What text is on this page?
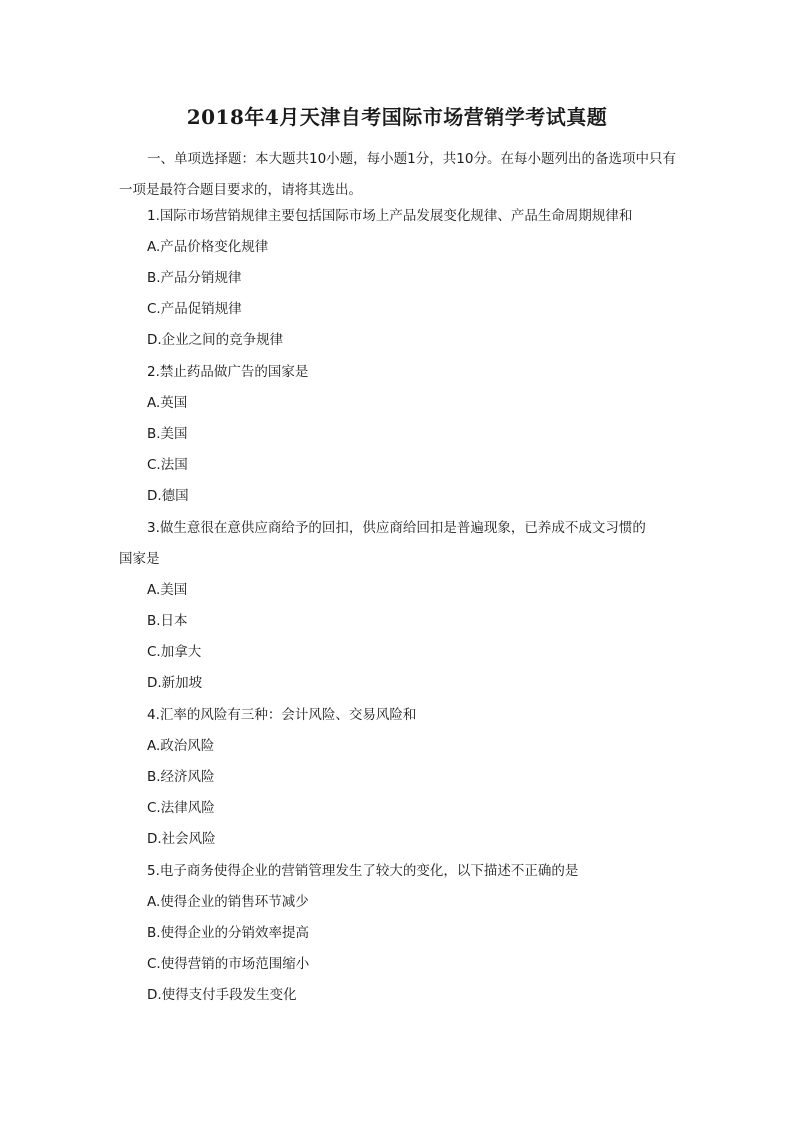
2018年4月天津自考国际市场营销学考试真题
一、单项选择题：本大题共10小题，每小题1分，共10分。在每小题列出的备选项中只有一项是最符合题目要求的，请将其选出。
1.国际市场营销规律主要包括国际市场上产品发展变化规律、产品生命周期规律和
A.产品价格变化规律
B.产品分销规律
C.产品促销规律
D.企业之间的竞争规律
2.禁止药品做广告的国家是
A.英国
B.美国
C.法国
D.德国
3.做生意很在意供应商给予的回扣，供应商给回扣是普遍现象，已养成不成文习惯的
国家是
A.美国
B.日本
C.加拿大
D.新加坡
4.汇率的风险有三种：会计风险、交易风险和
A.政治风险
B.经济风险
C.法律风险
D.社会风险
5.电子商务使得企业的营销管理发生了较大的变化，以下描述不正确的是
A.使得企业的销售环节减少
B.使得企业的分销效率提高
C.使得营销的市场范围缩小
D.使得支付手段发生变化
